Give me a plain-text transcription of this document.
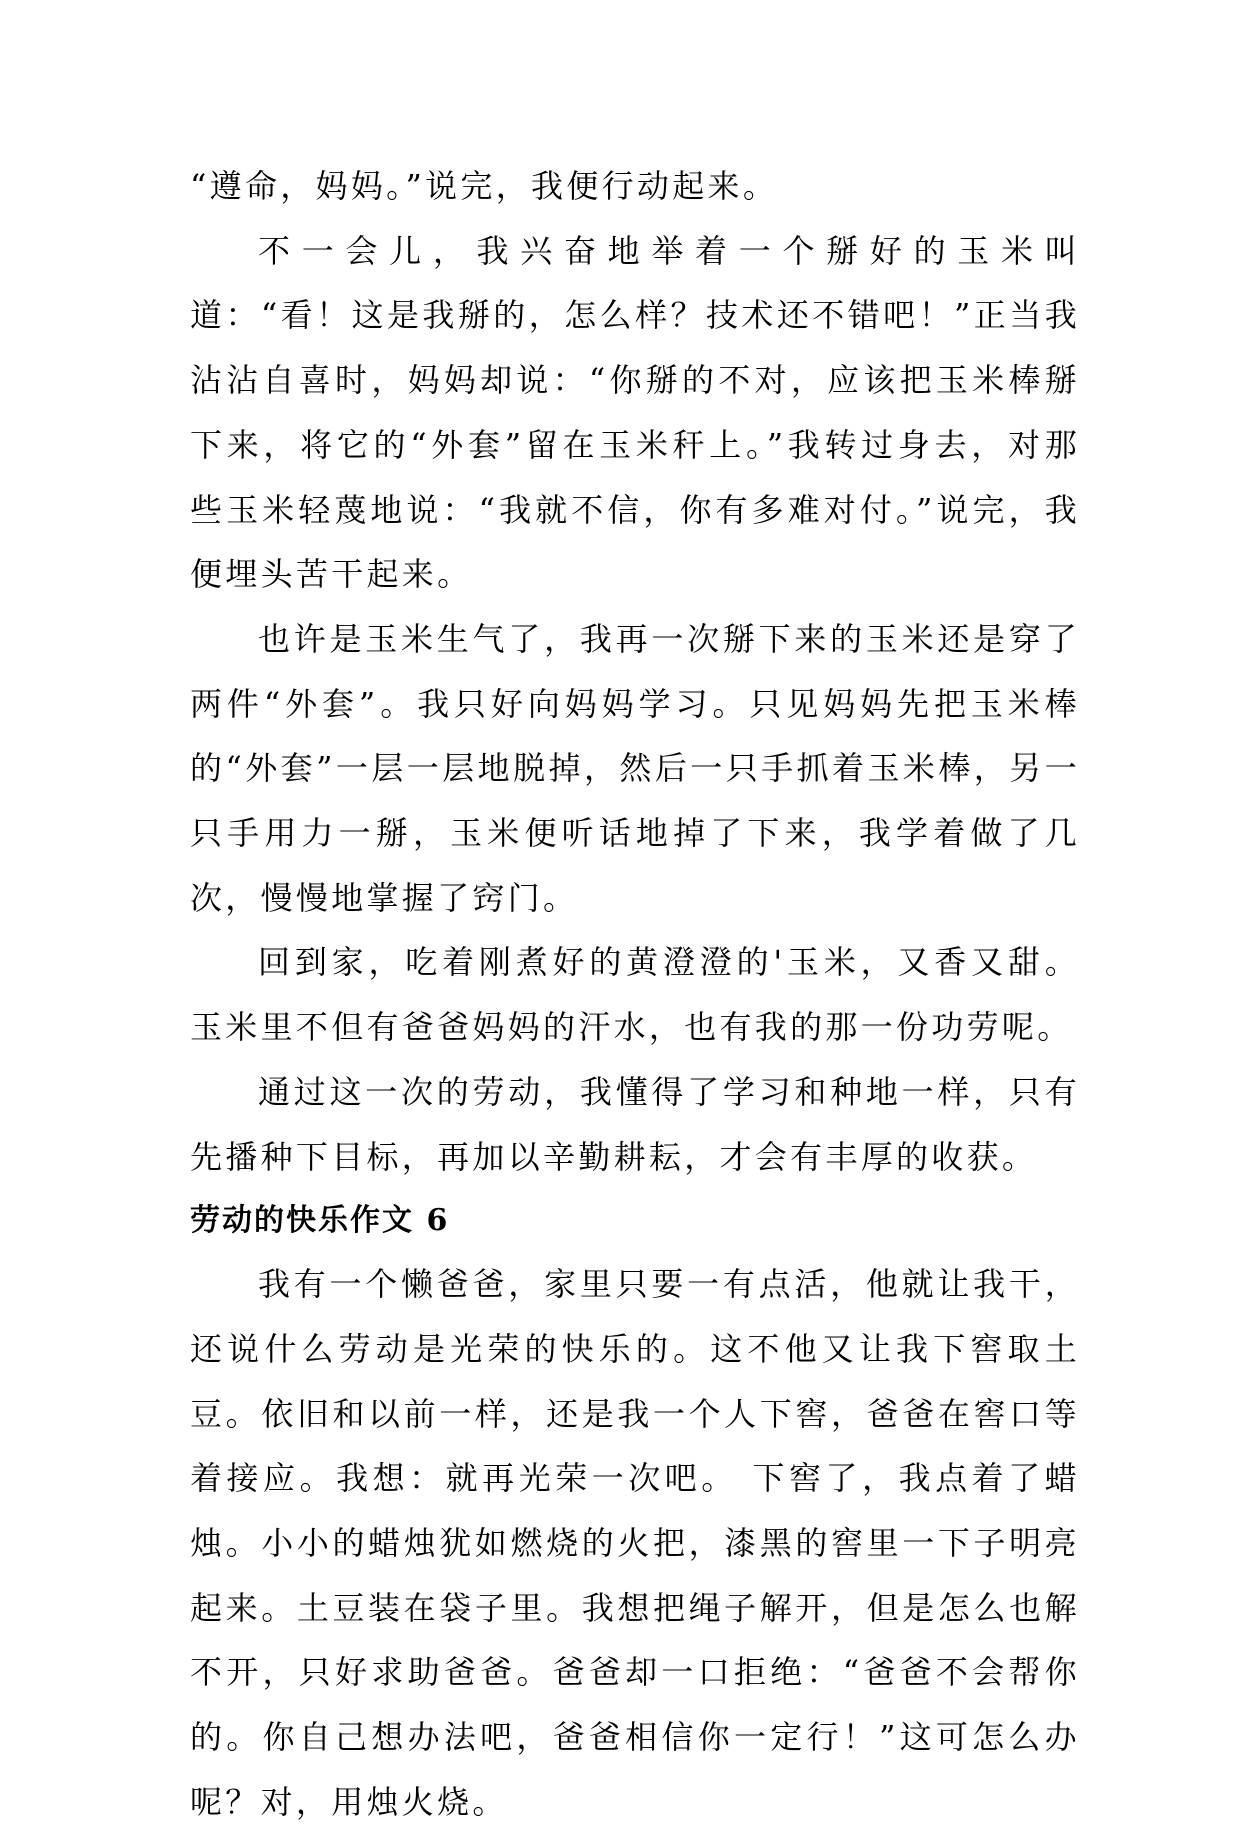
“遵命，妈妈。”说完，我便行动起来。

不一会儿，我兴奋地举着一个掰好的玉米叫道：“看！这是我掰的，怎么样？技术还不错吧！”正当我沾沾自喜时，妈妈却说：“你掰的不对，应该把玉米棒掰下来，将它的“外套”留在玉米秆上。”我转过身去，对那些玉米轻蔑地说：“我就不信，你有多难对付。”说完，我便埋头苦干起来。

也许是玉米生气了，我再一次掰下来的玉米还是穿了两件“外套”。我只好向妈妈学习。只见妈妈先把玉米棒的“外套”一层一层地脱掉，然后一只手抓着玉米棒，另一只手用力一掰，玉米便听话地掉了下来，我学着做了几次，慢慢地掌握了窍门。

回到家，吃着刚煮好的黄澄澄的'玉米，又香又甜。玉米里不但有爸爸妈妈的汗水，也有我的那一份功劳呢。

通过这一次的劳动，我懂得了学习和种地一样，只有先播种下目标，再加以辛勤耕耘，才会有丰厚的收获。

劳动的快乐作文 6

我有一个懒爸爸，家里只要一有点活，他就让我干，还说什么劳动是光荣的快乐的。这不他又让我下窖取土豆。依旧和以前一样，还是我一个人下窖，爸爸在窖口等着接应。我想：就再光荣一次吧。 下窖了，我点着了蜡烛。小小的蜡烛犹如燃烧的火把，漆黑的窖里一下子明亮起来。土豆装在袋子里。我想把绳子解开，但是怎么也解不开，只好求助爸爸。爸爸却一口拒绝：“爸爸不会帮你的。你自己想办法吧，爸爸相信你一定行！”这可怎么办呢？对，用烛火烧。
